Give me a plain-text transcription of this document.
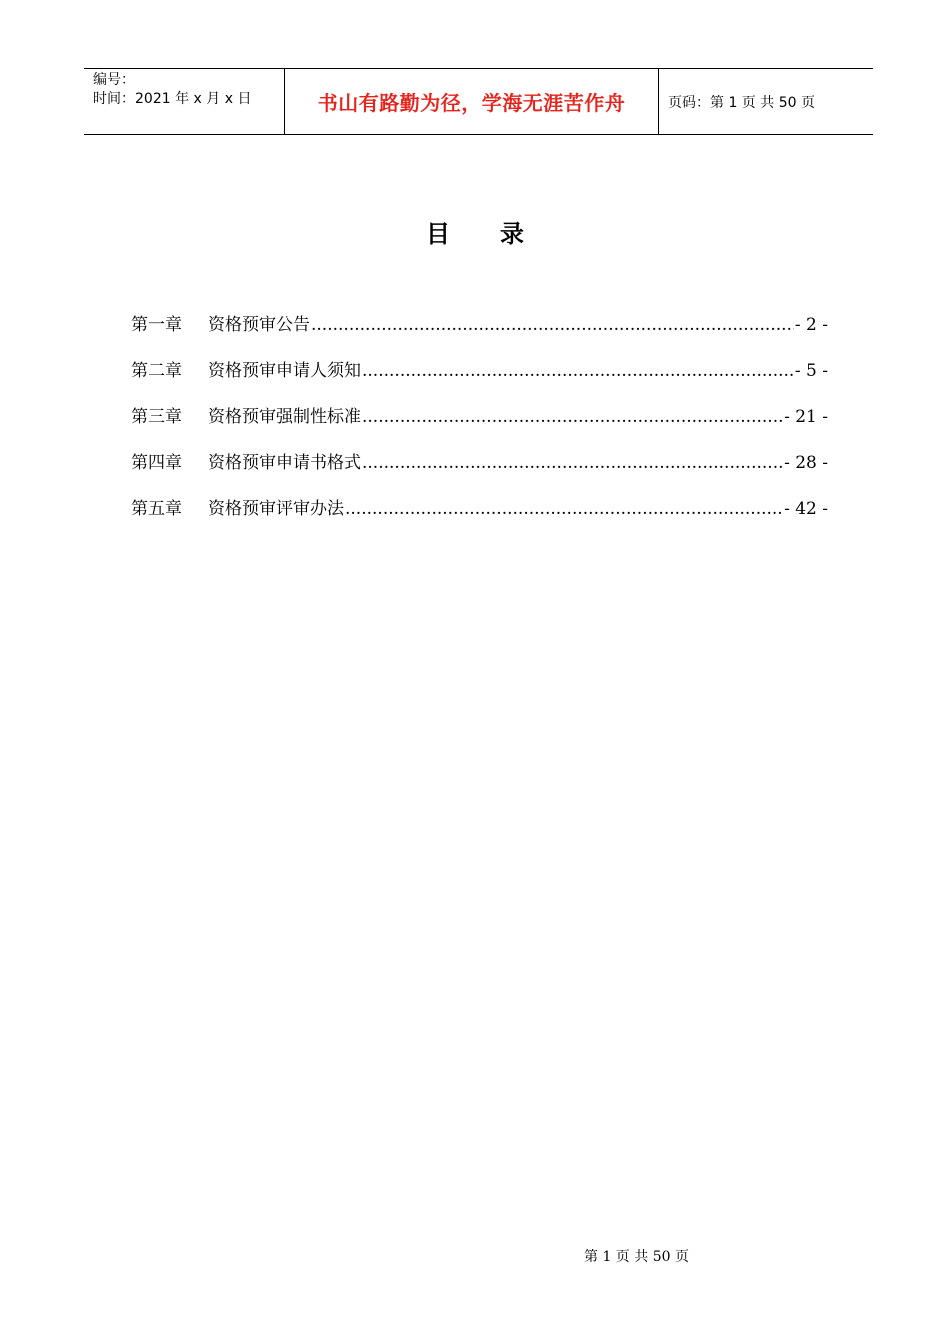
编号：
时间：2021 年 x 月 x 日	书山有路勤为径，学海无涯苦作舟	页码：第 1 页 共 50 页
目录
第一章	资格预审公告 .....	- 2 -
第二章	资格预审申请人须知 .....	- 5 -
第三章	资格预审强制性标准 .....	- 21 -
第四章	资格预审申请书格式 .....	- 28 -
第五章	资格预审评审办法 .....	- 42 -
第 1 页 共 50 页
